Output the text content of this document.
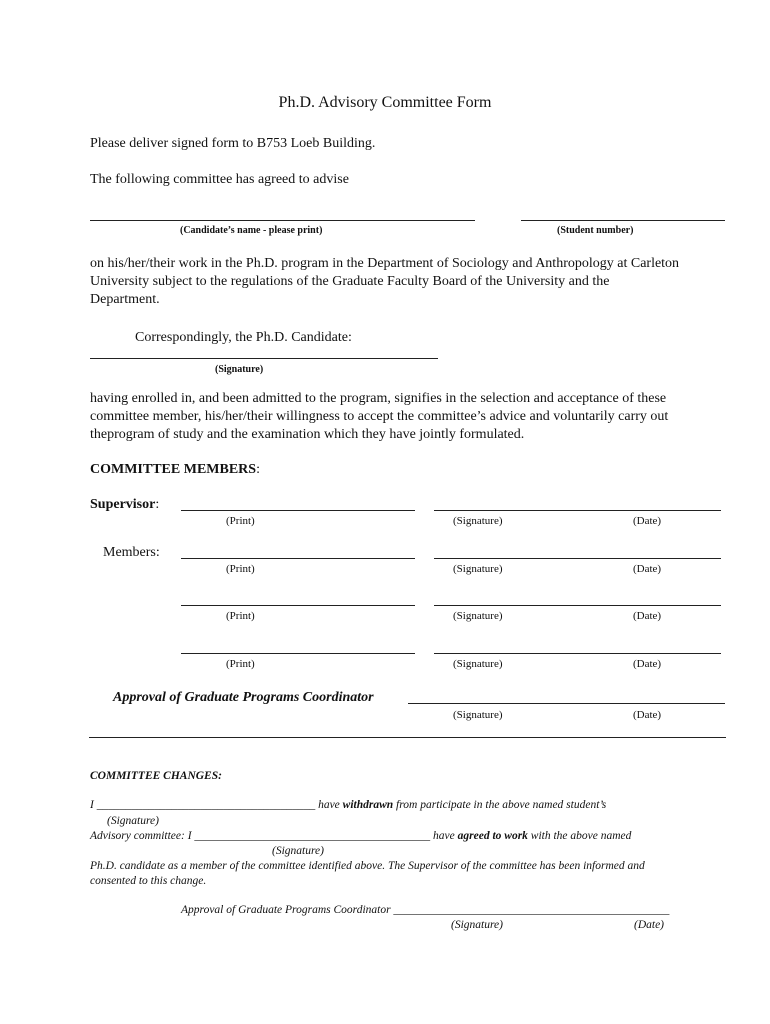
Ph.D. Advisory Committee Form
Please deliver signed form to B753 Loeb Building.
The following committee has agreed to advise
(Candidate’s name - please print)	(Student number)
on his/her/their work in the Ph.D. program in the Department of Sociology and Anthropology at Carleton
University subject to the regulations of the Graduate Faculty Board of the University and the
Department.
Correspondingly, the Ph.D. Candidate:
(Signature)
having enrolled in, and been admitted to the program, signifies in the selection and acceptance of these
committee member, his/her/their willingness to accept the committee’s advice and voluntarily carry out
theprogram of study and the examination which they have jointly formulated.
COMMITTEE MEMBERS:
Supervisor:
(Print)	(Signature)	(Date)
Members:
(Print)	(Signature)	(Date)
(Print)	(Signature)	(Date)
(Print)	(Signature)	(Date)
Approval of Graduate Programs Coordinator
(Signature)	(Date)
COMMITTEE CHANGES:
I ______________________________________ have withdrawn from participate in the above named student’s
(Signature)
Advisory committee: I _________________________________________ have agreed to work with the above named
(Signature)
Ph.D. candidate as a member of the committee identified above. The Supervisor of the committee has been informed and
consented to this change.
Approval of Graduate Programs Coordinator ________________________________________________
(Signature)	(Date)
